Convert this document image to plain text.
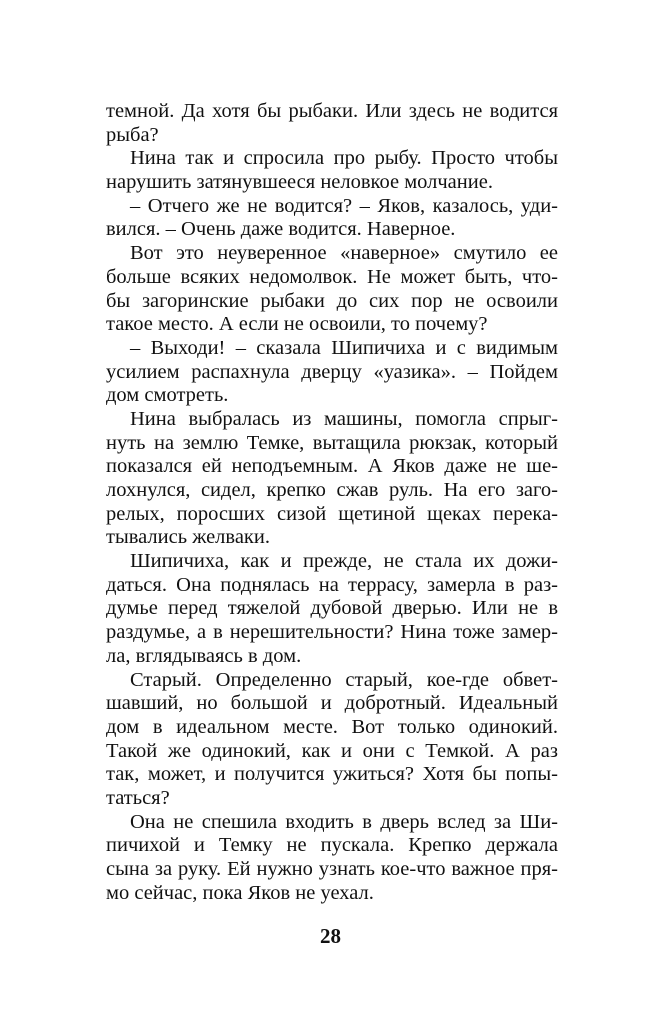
темной. Да хотя бы рыбаки. Или здесь не водится
рыба?
Нина так и спросила про рыбу. Просто чтобы
нарушить затянувшееся неловкое молчание.
– Отчего же не водится? – Яков, казалось, уди-
вился. – Очень даже водится. Наверное.
Вот это неуверенное «наверное» смутило ее
больше всяких недомолвок. Не может быть, что-
бы загоринские рыбаки до сих пор не освоили
такое место. А если не освоили, то почему?
– Выходи! – сказала Шипичиха и с видимым
усилием распахнула дверцу «уазика». – Пойдем
дом смотреть.
Нина выбралась из машины, помогла спрыг-
нуть на землю Темке, вытащила рюкзак, который
показался ей неподъемным. А Яков даже не ше-
лохнулся, сидел, крепко сжав руль. На его заго-
релых, поросших сизой щетиной щеках перека-
тывались желваки.
Шипичиха, как и прежде, не стала их дожи-
даться. Она поднялась на террасу, замерла в раз-
думье перед тяжелой дубовой дверью. Или не в
раздумье, а в нерешительности? Нина тоже замер-
ла, вглядываясь в дом.
Старый. Определенно старый, кое-где обвет-
шавший, но большой и добротный. Идеальный
дом в идеальном месте. Вот только одинокий.
Такой же одинокий, как и они с Темкой. А раз
так, может, и получится ужиться? Хотя бы попы-
таться?
Она не спешила входить в дверь вслед за Ши-
пичихой и Темку не пускала. Крепко держала
сына за руку. Ей нужно узнать кое-что важное пря-
мо сейчас, пока Яков не уехал.
28
